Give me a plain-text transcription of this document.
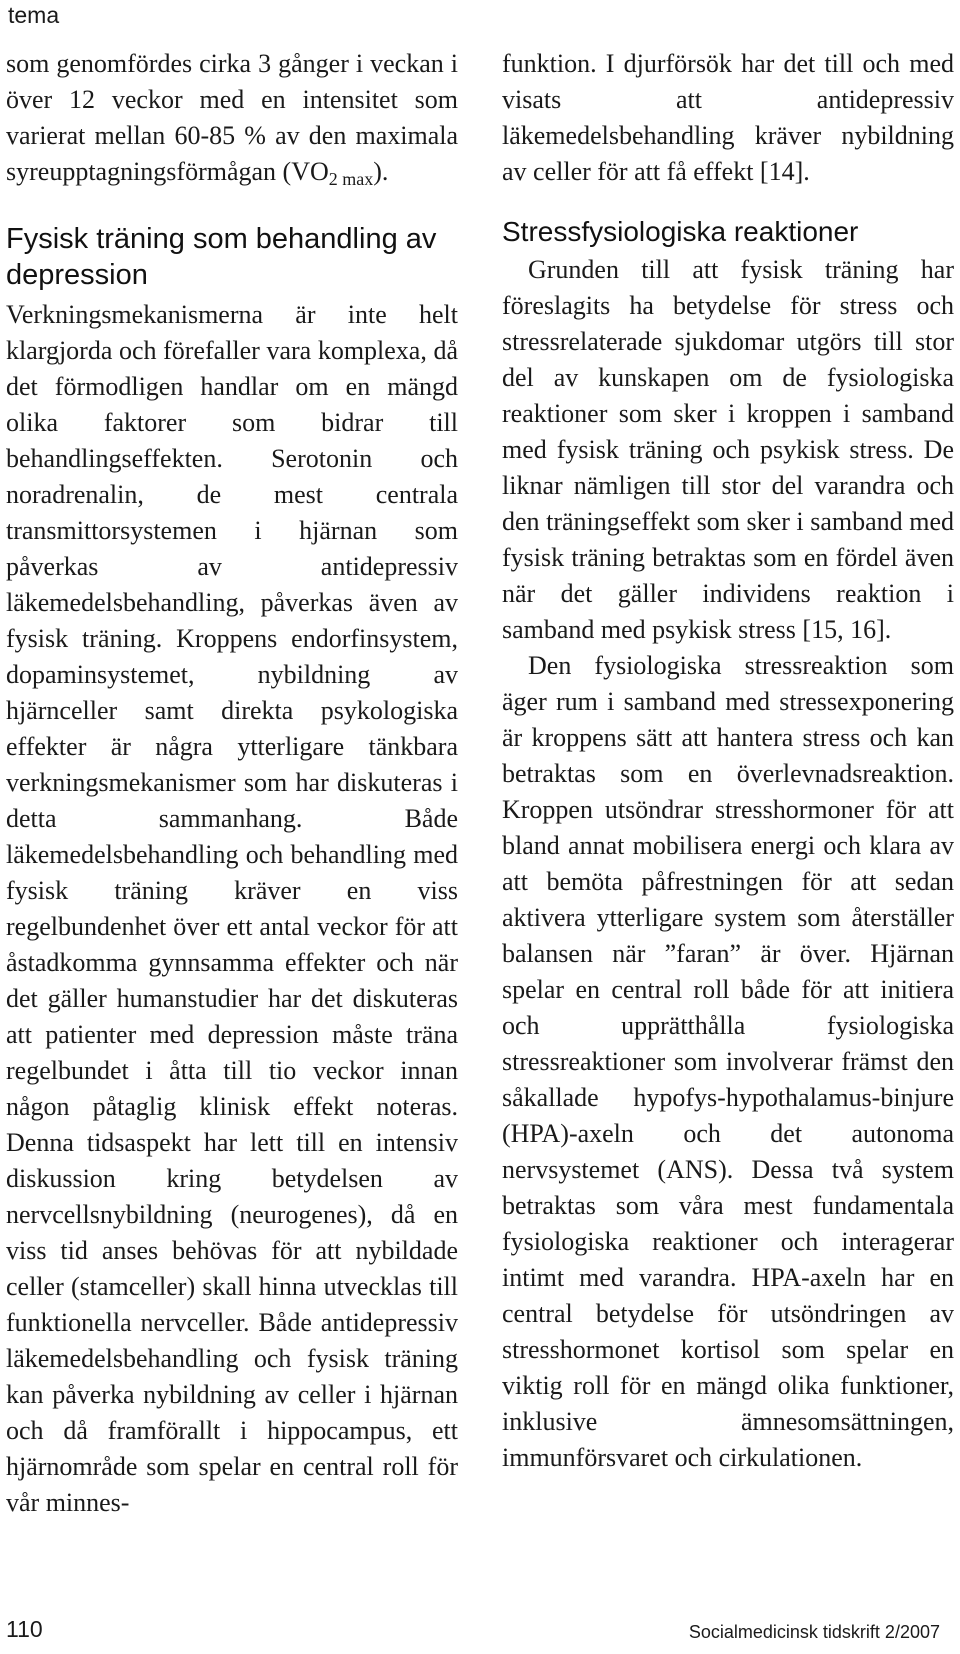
tema

som genomfördes cirka 3 gånger i veckan i över 12 veckor med en intensitet som varierat mellan 60-85 % av den maximala syreupptagningsförmågan $(VO_{2 max})$.

Fysisk träning som behandling av depression

Verkningsmekanismerna är inte helt klargjorda och förefaller vara komplexa, då det förmodligen handlar om en mängd olika faktorer som bidrar till behandlingseffekten. Serotonin och noradrenalin, de mest centrala transmittorsystemen i hjärnan som påverkas av antidepressiv läkemedelsbehandling, påverkas även av fysisk träning. Kroppens endorfinsystem, dopaminsystemet, nybildning av hjärnceller samt direkta psykologiska effekter är några ytterligare tänkbara verkningsmekanismer som har diskuteras i detta sammanhang. Både läkemedelsbehandling och behandling med fysisk träning kräver en viss regelbundenhet över ett antal veckor för att åstadkomma gynnsamma effekter och när det gäller humanstudier har det diskuteras att patienter med depression måste träna regelbundet i åtta till tio veckor innan någon påtaglig klinisk effekt noteras. Denna tidsaspekt har lett till en intensiv diskussion kring betydelsen av nervcellsnybildning (neurogenes), då en viss tid anses behövas för att nybildade celler (stamceller) skall hinna utvecklas till funktionella nervceller. Både antidepressiv läkemedelsbehandling och fysisk träning kan påverka nybildning av celler i hjärnan och då framförallt i hippocampus, ett hjärnområde som spelar en central roll för vår minnes-

funktion. I djurförsök har det till och med visats att antidepressiv läkemedelsbehandling kräver nybildning av celler för att få effekt [14].

Stressfysiologiska reaktioner

Grunden till att fysisk träning har föreslagits ha betydelse för stress och stressrelaterade sjukdomar utgörs till stor del av kunskapen om de fysiologiska reaktioner som sker i kroppen i samband med fysisk träning och psykisk stress. De liknar nämligen till stor del varandra och den träningseffekt som sker i samband med fysisk träning betraktas som en fördel även när det gäller individens reaktion i samband med psykisk stress [15, 16].

Den fysiologiska stressreaktion som äger rum i samband med stressexponering är kroppens sätt att hantera stress och kan betraktas som en överlevnadsreaktion. Kroppen utsöndrar stresshormoner för att bland annat mobilisera energi och klara av att bemöta påfrestningen för att sedan aktivera ytterligare system som återställer balansen när ”faran” är över. Hjärnan spelar en central roll både för att initiera och upprätthålla fysiologiska stressreaktioner som involverar främst den såkallade hypofys-hypothalamus-binjure (HPA)-axeln och det autonoma nervsystemet (ANS). Dessa två system betraktas som våra mest fundamentala fysiologiska reaktioner och interagerar intimt med varandra. HPA-axeln har en central betydelse för utsöndringen av stresshormonet kortisol som spelar en viktig roll för en mängd olika funktioner, inklusive ämnesomsättningen, immunförsvaret och cirkulationen.

110	Socialmedicinsk tidskrift 2/2007
